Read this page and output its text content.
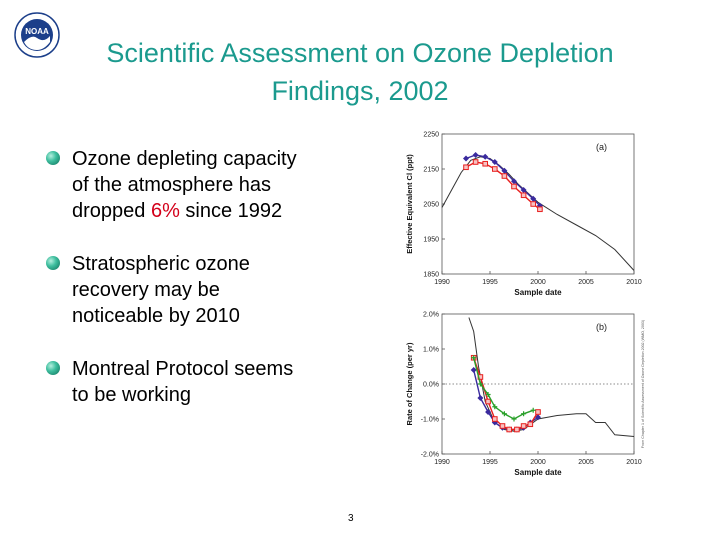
NOAA
Scientific Assessment on Ozone Depletion
Findings, 2002
Ozone depleting capacity
of the atmosphere has
dropped 6% since 1992
Stratospheric ozone
recovery may be
noticeable by 2010
Montreal Protocol seems
to be working
1990	1995	2000	2005	2010
1850
1950
2050
2150
2250
Sample date
Effective Equivalent Cl (ppt)
(a)
1990	1995	2000	2005	2010
-2.0%
-1.0%
0.0%
1.0%
2.0%
Sample date
Rate of Change (per yr)
(b)	From Chapter 1 of Scientific Assessment of Ozone Depletion 2002 (WMO, 2003)
3
